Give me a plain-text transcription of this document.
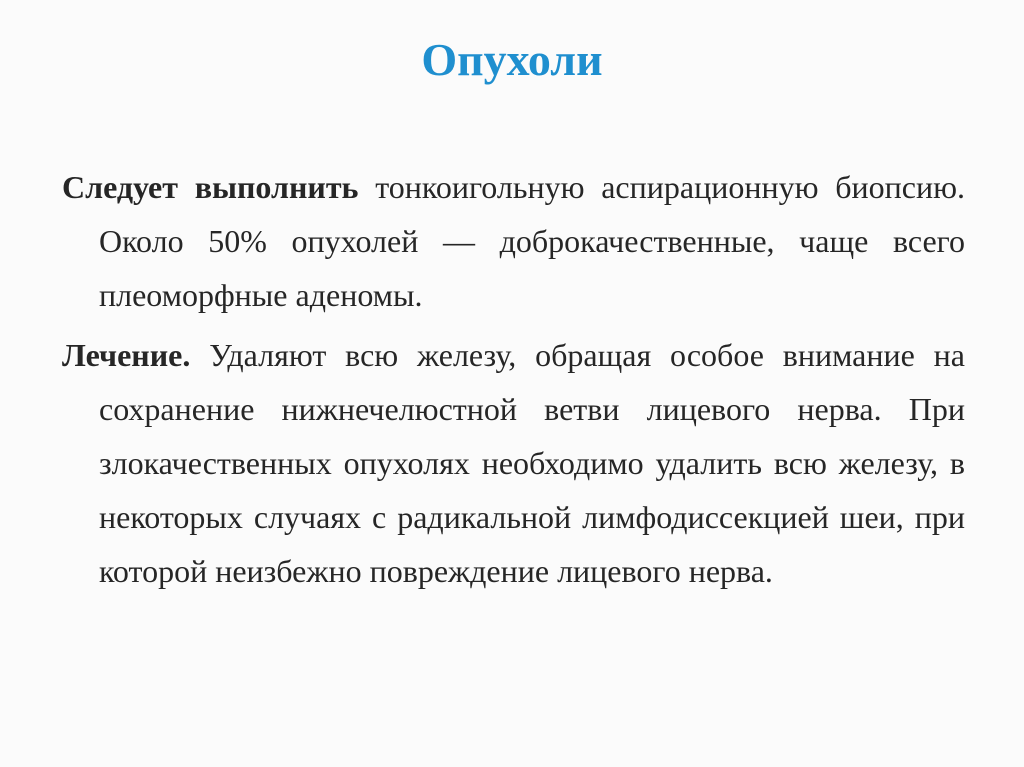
Опухоли

Следует выполнить тонкоигольную аспирационную биопсию. Около 50% опухолей — доброкачественные, чаще всего плеоморфные аденомы.

Лечение. Удаляют всю железу, обращая особое внимание на сохранение нижнечелюстной ветви лицевого нерва. При злокачественных опухолях необходимо удалить всю железу, в некоторых случаях с радикальной лимфодиссекцией шеи, при которой неизбежно повреждение лицевого нерва.
